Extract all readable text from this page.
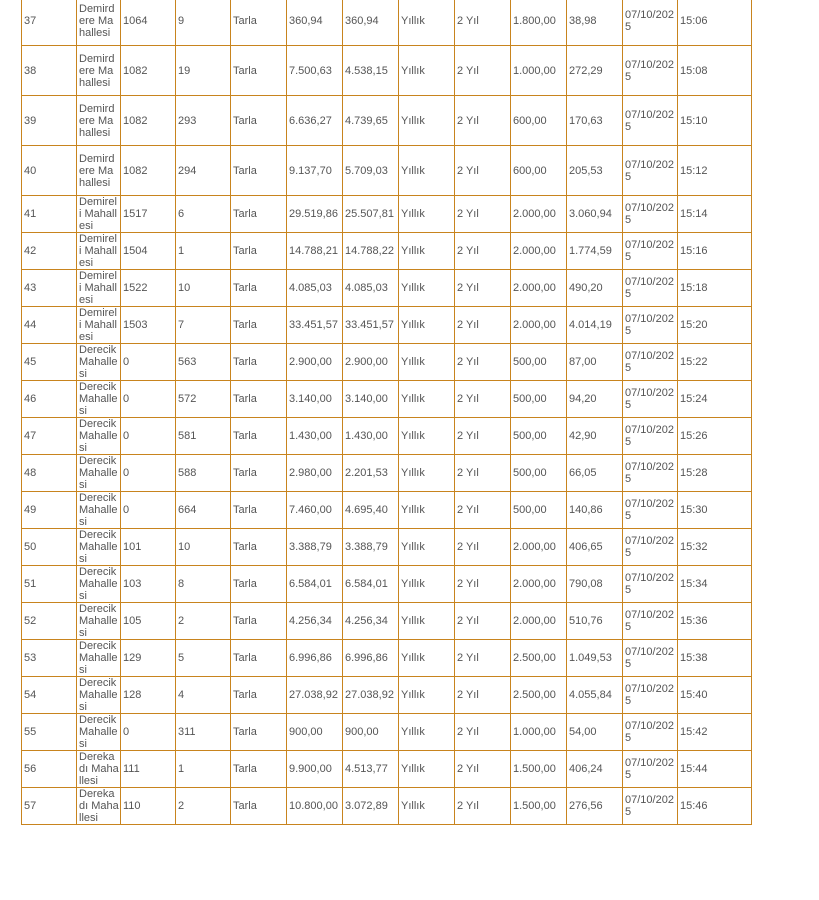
37	Demirdere Mahallesi	1064	9	Tarla	360,94	360,94	Yıllık	2 Yıl	1.800,00	38,98	07/10/2025	15:06
38	Demirdere Mahallesi	1082	19	Tarla	7.500,63	4.538,15	Yıllık	2 Yıl	1.000,00	272,29	07/10/2025	15:08
39	Demirdere Mahallesi	1082	293	Tarla	6.636,27	4.739,65	Yıllık	2 Yıl	600,00	170,63	07/10/2025	15:10
40	Demirdere Mahallesi	1082	294	Tarla	9.137,70	5.709,03	Yıllık	2 Yıl	600,00	205,53	07/10/2025	15:12
41	Demireli Mahallesi	1517	6	Tarla	29.519,86	25.507,81	Yıllık	2 Yıl	2.000,00	3.060,94	07/10/2025	15:14
42	Demireli Mahallesi	1504	1	Tarla	14.788,21	14.788,22	Yıllık	2 Yıl	2.000,00	1.774,59	07/10/2025	15:16
43	Demireli Mahallesi	1522	10	Tarla	4.085,03	4.085,03	Yıllık	2 Yıl	2.000,00	490,20	07/10/2025	15:18
44	Demireli Mahallesi	1503	7	Tarla	33.451,57	33.451,57	Yıllık	2 Yıl	2.000,00	4.014,19	07/10/2025	15:20
45	Derecik Mahallesi	0	563	Tarla	2.900,00	2.900,00	Yıllık	2 Yıl	500,00	87,00	07/10/2025	15:22
46	Derecik Mahallesi	0	572	Tarla	3.140,00	3.140,00	Yıllık	2 Yıl	500,00	94,20	07/10/2025	15:24
47	Derecik Mahallesi	0	581	Tarla	1.430,00	1.430,00	Yıllık	2 Yıl	500,00	42,90	07/10/2025	15:26
48	Derecik Mahallesi	0	588	Tarla	2.980,00	2.201,53	Yıllık	2 Yıl	500,00	66,05	07/10/2025	15:28
49	Derecik Mahallesi	0	664	Tarla	7.460,00	4.695,40	Yıllık	2 Yıl	500,00	140,86	07/10/2025	15:30
50	Derecik Mahallesi	101	10	Tarla	3.388,79	3.388,79	Yıllık	2 Yıl	2.000,00	406,65	07/10/2025	15:32
51	Derecik Mahallesi	103	8	Tarla	6.584,01	6.584,01	Yıllık	2 Yıl	2.000,00	790,08	07/10/2025	15:34
52	Derecik Mahallesi	105	2	Tarla	4.256,34	4.256,34	Yıllık	2 Yıl	2.000,00	510,76	07/10/2025	15:36
53	Derecik Mahallesi	129	5	Tarla	6.996,86	6.996,86	Yıllık	2 Yıl	2.500,00	1.049,53	07/10/2025	15:38
54	Derecik Mahallesi	128	4	Tarla	27.038,92	27.038,92	Yıllık	2 Yıl	2.500,00	4.055,84	07/10/2025	15:40
55	Derecik Mahallesi	0	311	Tarla	900,00	900,00	Yıllık	2 Yıl	1.000,00	54,00	07/10/2025	15:42
56	Derekadı Mahallesi	111	1	Tarla	9.900,00	4.513,77	Yıllık	2 Yıl	1.500,00	406,24	07/10/2025	15:44
57	Derekadı Mahallesi	110	2	Tarla	10.800,00	3.072,89	Yıllık	2 Yıl	1.500,00	276,56	07/10/2025	15:46
